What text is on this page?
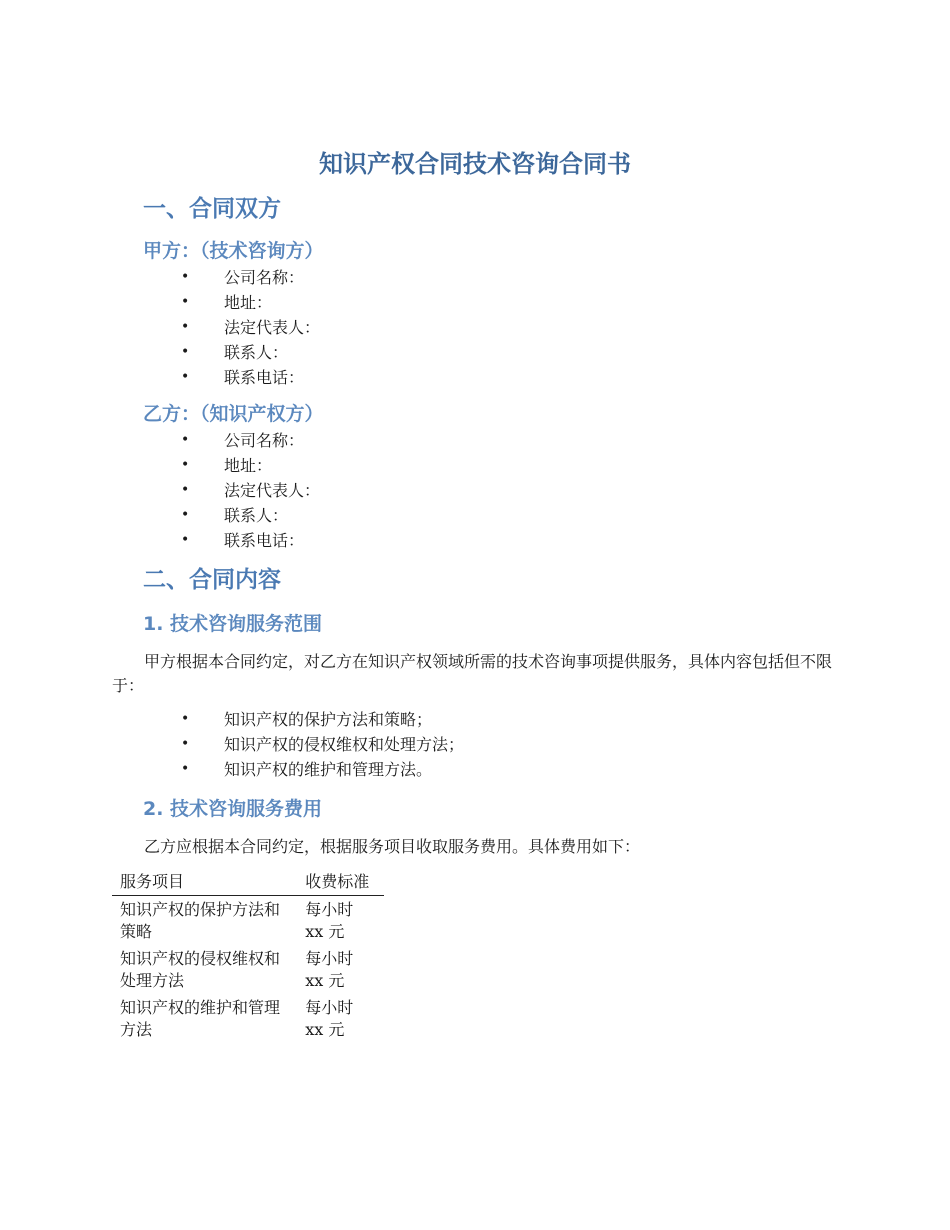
知识产权合同技术咨询合同书
一、合同双方
甲方：（技术咨询方）
• 公司名称：
• 地址：
• 法定代表人：
• 联系人：
• 联系电话：
乙方：（知识产权方）
• 公司名称：
• 地址：
• 法定代表人：
• 联系人：
• 联系电话：
二、合同内容
1. 技术咨询服务范围

甲方根据本合同约定，对乙方在知识产权领域所需的技术咨询事项提供服务，具体内容包括但不限于：

• 知识产权的保护方法和策略；
• 知识产权的侵权维权和处理方法；
• 知识产权的维护和管理方法。
2. 技术咨询服务费用

乙方应根据本合同约定，根据服务项目收取服务费用。具体费用如下：

服务项目	收费标准
知识产权的保护方法和策略	每小时 xx 元
知识产权的侵权维权和处理方法	每小时 xx 元
知识产权的维护和管理方法	每小时 xx 元
